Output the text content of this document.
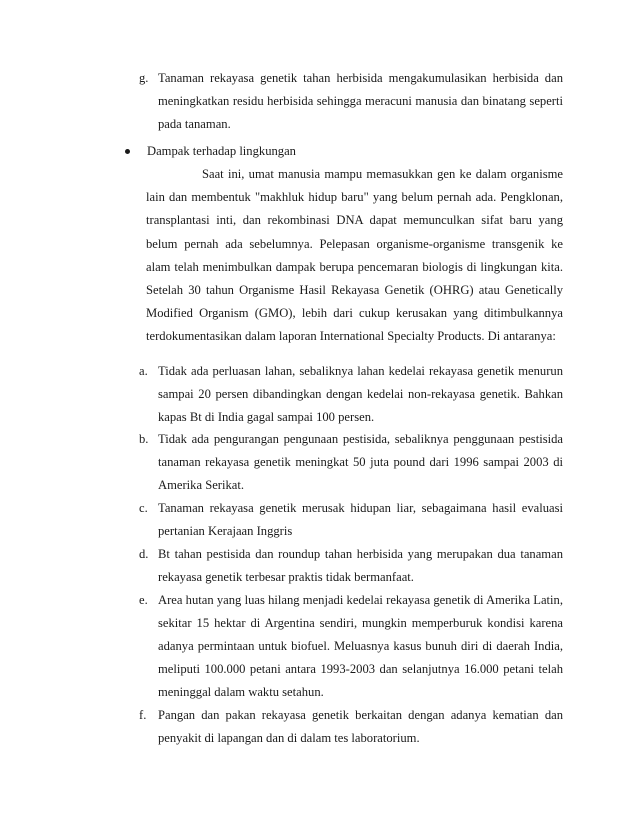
g. Tanaman rekayasa genetik tahan herbisida mengakumulasikan herbisida dan meningkatkan residu herbisida sehingga meracuni manusia dan binatang seperti pada tanaman.
Dampak terhadap lingkungan
Saat ini, umat manusia mampu memasukkan gen ke dalam organisme lain dan membentuk "makhluk hidup baru" yang belum pernah ada. Pengklonan, transplantasi inti, dan rekombinasi DNA dapat memunculkan sifat baru yang belum pernah ada sebelumnya. Pelepasan organisme-organisme transgenik ke alam telah menimbulkan dampak berupa pencemaran biologis di lingkungan kita. Setelah 30 tahun Organisme Hasil Rekayasa Genetik (OHRG) atau Genetically Modified Organism (GMO), lebih dari cukup kerusakan yang ditimbulkannya terdokumentasikan dalam laporan International Specialty Products. Di antaranya:
a. Tidak ada perluasan lahan, sebaliknya lahan kedelai rekayasa genetik menurun sampai 20 persen dibandingkan dengan kedelai non-rekayasa genetik. Bahkan kapas Bt di India gagal sampai 100 persen.
b. Tidak ada pengurangan pengunaan pestisida, sebaliknya penggunaan pestisida tanaman rekayasa genetik meningkat 50 juta pound dari 1996 sampai 2003 di Amerika Serikat.
c. Tanaman rekayasa genetik merusak hidupan liar, sebagaimana hasil evaluasi pertanian Kerajaan Inggris
d. Bt tahan pestisida dan roundup tahan herbisida yang merupakan dua tanaman rekayasa genetik terbesar praktis tidak bermanfaat.
e. Area hutan yang luas hilang menjadi kedelai rekayasa genetik di Amerika Latin, sekitar 15 hektar di Argentina sendiri, mungkin memperburuk kondisi karena adanya permintaan untuk biofuel. Meluasnya kasus bunuh diri di daerah India, meliputi 100.000 petani antara 1993-2003 dan selanjutnya 16.000 petani telah meninggal dalam waktu setahun.
f. Pangan dan pakan rekayasa genetik berkaitan dengan adanya kematian dan penyakit di lapangan dan di dalam tes laboratorium.
